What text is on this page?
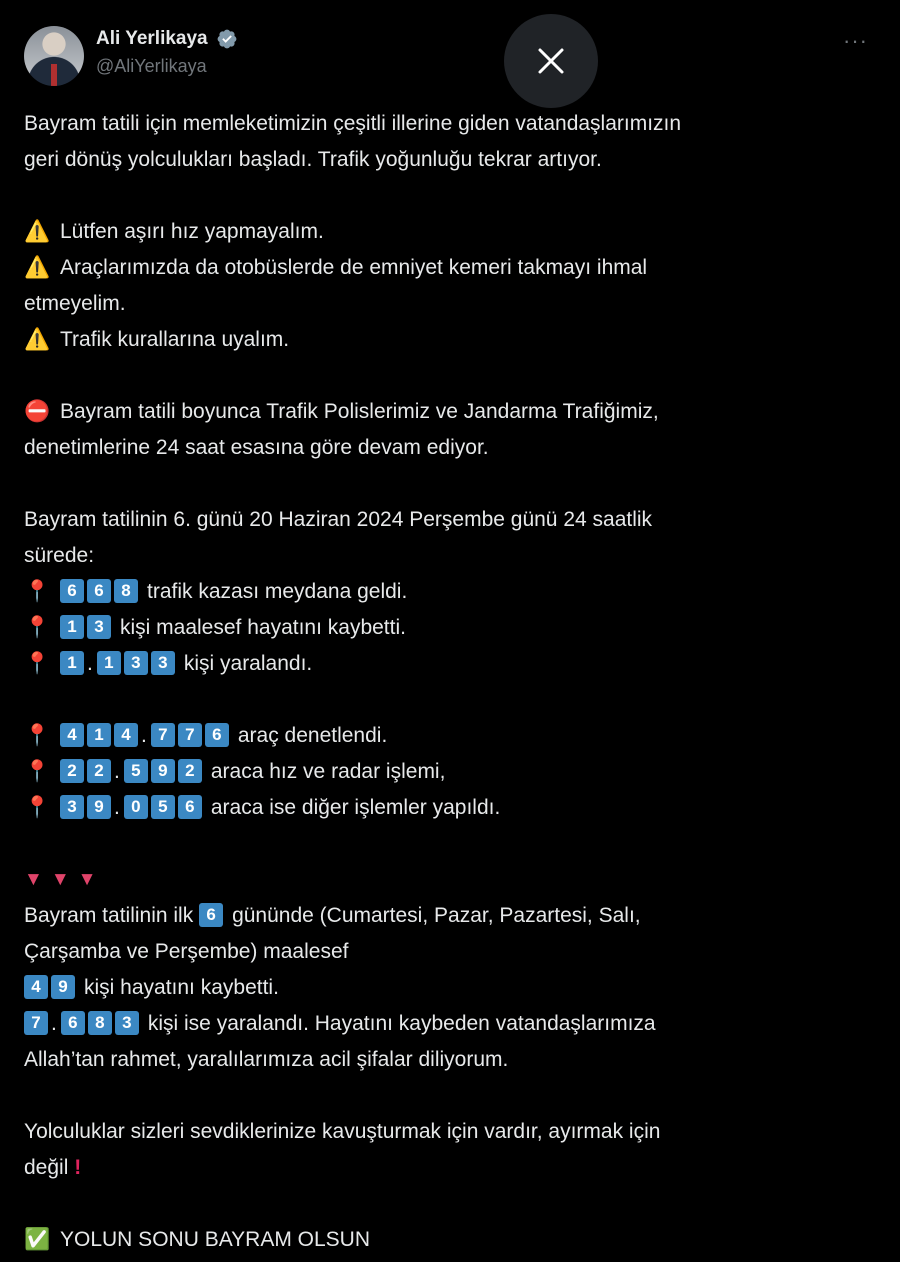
Ali Yerlikaya
@AliYerlikaya
···
Bayram tatili için memleketimizin çeşitli illerine giden vatandaşlarımızın
geri dönüş yolculukları başladı. Trafik yoğunluğu tekrar artıyor.
⚠️ Lütfen aşırı hız yapmayalım.
⚠️ Araçlarımızda da otobüslerde de emniyet kemeri takmayı ihmal
etmeyelim.
⚠️ Trafik kurallarına uyalım.
⛔ Bayram tatili boyunca Trafik Polislerimiz ve Jandarma Trafiğimiz,
denetimlerine 24 saat esasına göre devam ediyor.
Bayram tatilinin 6. günü 20 Haziran 2024 Perşembe günü 24 saatlik
sürede:
📍 6 6 8 trafik kazası meydana geldi.
📍 1 3 kişi maalesef hayatını kaybetti.
📍 1 . 1 3 3 kişi yaralandı.
📍 4 1 4 . 7 7 6 araç denetlendi.
📍 2 2 . 5 9 2 araca hız ve radar işlemi,
📍 3 9 . 0 5 6 araca ise diğer işlemler yapıldı.
▼▼▼
Bayram tatilinin ilk 6 gününde (Cumartesi, Pazar, Pazartesi, Salı,
Çarşamba ve Perşembe) maalesef
4 9 kişi hayatını kaybetti.
7 . 6 8 3 kişi ise yaralandı. Hayatını kaybeden vatandaşlarımıza
Allah’tan rahmet, yaralılarımıza acil şifalar diliyorum.
Yolculuklar sizleri sevdiklerinize kavuşturmak için vardır, ayırmak için
değil !
✅ YOLUN SONU BAYRAM OLSUN
